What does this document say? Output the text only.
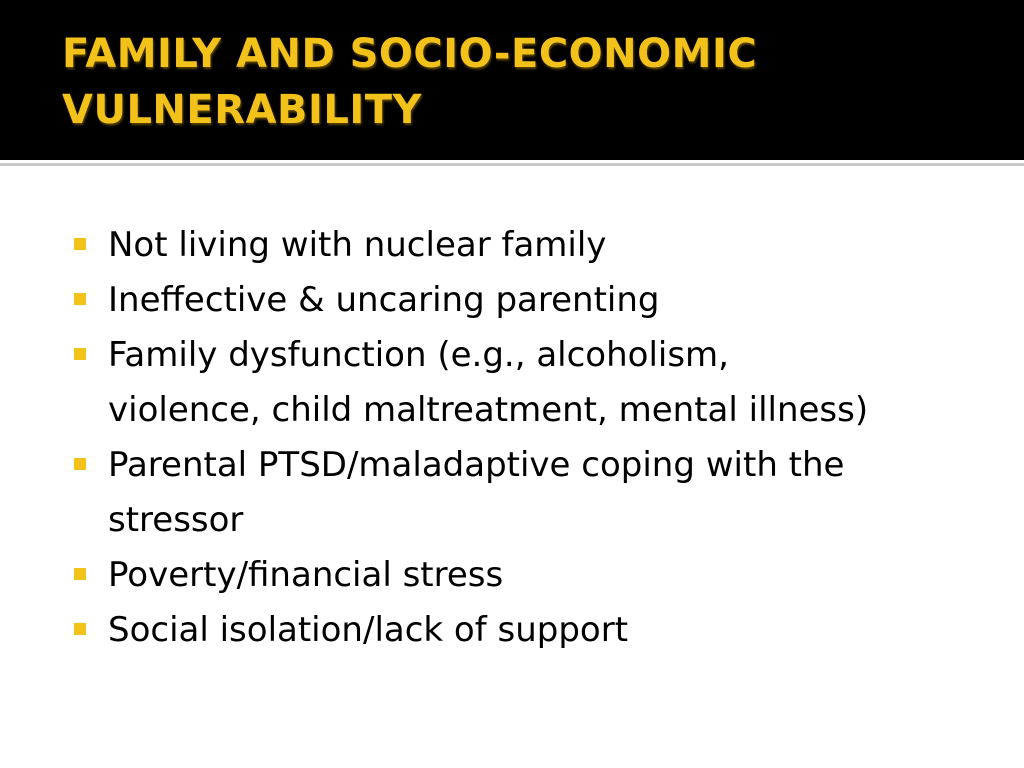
FAMILY AND SOCIO-ECONOMIC
VULNERABILITY
Not living with nuclear family
Ineffective & uncaring parenting
Family dysfunction (e.g., alcoholism,
violence, child maltreatment, mental illness)
Parental PTSD/maladaptive coping with the
stressor
Poverty/financial stress
Social isolation/lack of support
